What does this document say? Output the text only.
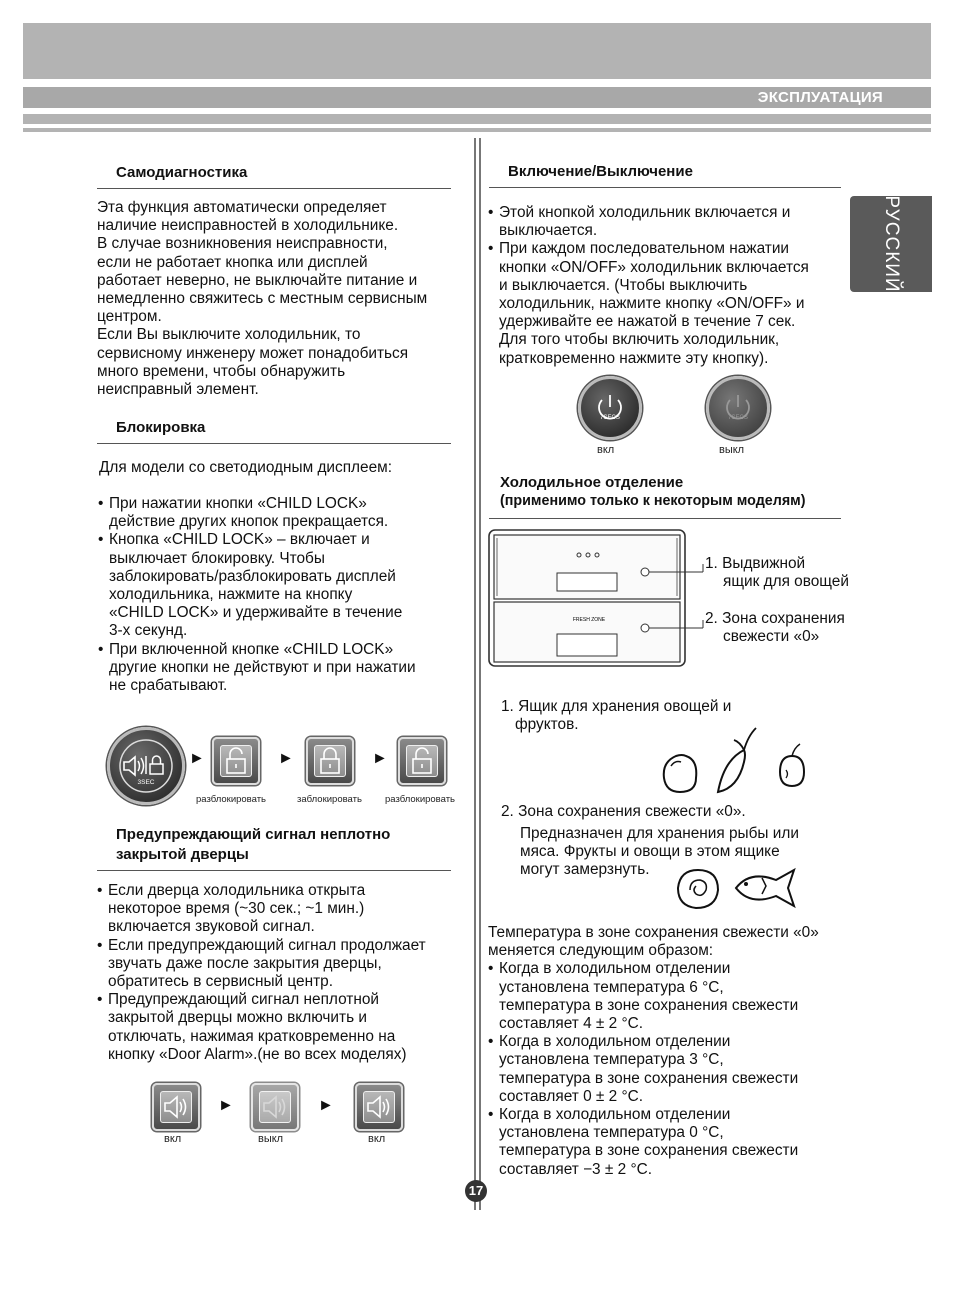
ЭКСПЛУАТАЦИЯ
РУССКИЙ
Самодиагностика
Эта функция автоматически определяет
наличие неисправностей в холодильнике.
В случае возникновения неисправности,
если не работает кнопка или дисплей
работает неверно, не выключайте питание и
немедленно свяжитесь с местным сервисным
центром.
Если Вы выключите холодильник, то
сервисному инженеру может понадобиться
много времени, чтобы обнаружить
неисправный элемент.
Блокировка
Для модели со светодиодным дисплеем:
• При нажатии кнопки «CHILD LOCK»
действие других кнопок прекращается.
• Кнопка «CHILD LOCK» – включает и
выключает блокировку. Чтобы
заблокировать/разблокировать дисплей
холодильника, нажмите на кнопку
«CHILD LOCK» и удерживайте в течение
3-х секунд.
• При включенной кнопке «CHILD LOCK»
другие кнопки не действуют и при нажатии
не срабатывают.
3SEC
►	►	►
разблокировать	заблокировать разблокировать
Предупреждающий сигнал неплотно
закрытой дверцы
• Если дверца холодильника открыта
некоторое время (~30 сек.; ~1 мин.)
включается звуковой сигнал.
• Если предупреждающий сигнал продолжает
звучать даже после закрытия дверцы,
обратитесь в сервисный центр.
• Предупреждающий сигнал неплотной
закрытой дверцы можно включить и
отключать, нажимая кратковременно на
кнопку «Door Alarm».(не во всех моделях)
►	►
вкл	выкл	вкл
Включение/Выключение
• Этой кнопкой холодильник включается и
выключается.
• При каждом последовательном нажатии
кнопки «ON/OFF» холодильник включается
и выключается. (Чтобы выключить
холодильник, нажмите кнопку «ON/OFF» и
удерживайте ее нажатой в течение 7 сек.
Для того чтобы включить холодильник,
кратковременно нажмите эту кнопку).
7SECS	7SECS
вкл	выкл
Холодильное отделение
(применимо только к некоторым моделям)
FRESH ZONE
1. Выдвижной
ящик для овощей
2. Зона сохранения
свежести «0»
1. Ящик для хранения овощей и
фруктов.
2. Зона сохранения свежести «0».
Предназначен для хранения рыбы или
мяса. Фрукты и овощи в этом ящике
могут замерзнуть.
Температура в зоне сохранения свежести «0»
меняется следующим образом:
• Когда в холодильном отделении
установлена температура 6 °C,
температура в зоне сохранения свежести
составляет 4 ± 2 °C.
• Когда в холодильном отделении
установлена температура 3 °C,
температура в зоне сохранения свежести
составляет 0 ± 2 °C.
• Когда в холодильном отделении
установлена температура 0 °C,
температура в зоне сохранения свежести
составляет −3 ± 2 °C.
17
